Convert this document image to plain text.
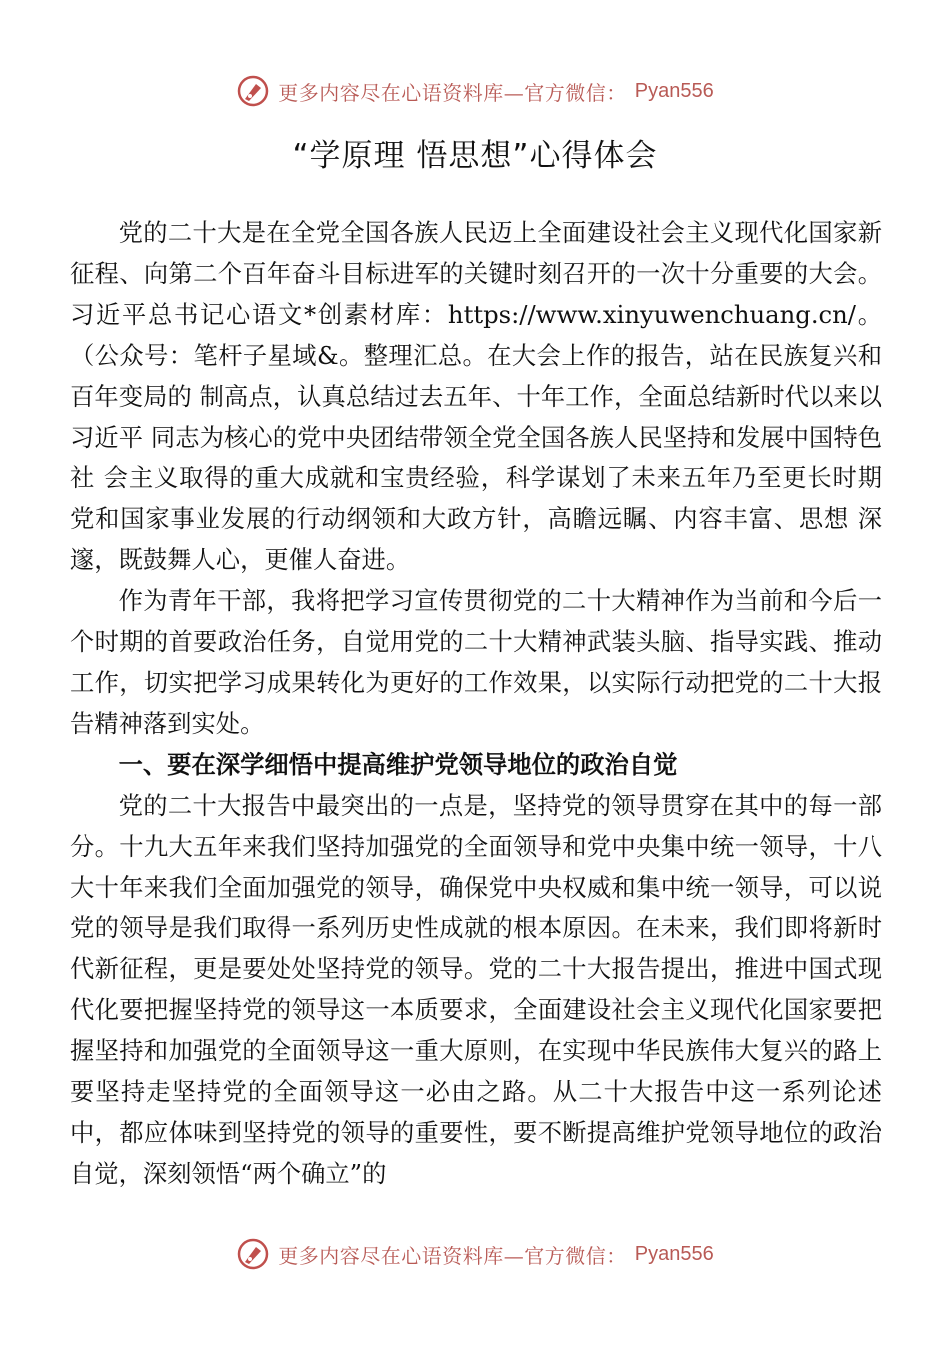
更多内容尽在心语资料库—官方微信： Pyan556
“学原理 悟思想”心得体会

党的二十大是在全党全国各族人民迈上全面建设社会主义现代化国家新征程、向第二个百年奋斗目标进军的关键时刻召开的一次十分重要的大会。习近平总书记心语文*创素材库：https://www.xinyuwenchuang.cn/。（公众号：笔杆子星域&。整理汇总。在大会上作的报告，站在民族复兴和百年变局的 制高点，认真总结过去五年、十年工作，全面总结新时代以来以习近平 同志为核心的党中央团结带领全党全国各族人民坚持和发展中国特色社 会主义取得的重大成就和宝贵经验，科学谋划了未来五年乃至更长时期 党和国家事业发展的行动纲领和大政方针，高瞻远瞩、内容丰富、思想 深邃，既鼓舞人心，更催人奋进。

作为青年干部，我将把学习宣传贯彻党的二十大精神作为当前和今后一个时期的首要政治任务，自觉用党的二十大精神武装头脑、指导实践、推动工作，切实把学习成果转化为更好的工作效果，以实际行动把党的二十大报告精神落到实处。

一、要在深学细悟中提高维护党领导地位的政治自觉

党的二十大报告中最突出的一点是，坚持党的领导贯穿在其中的每一部分。十九大五年来我们坚持加强党的全面领导和党中央集中统一领导，十八大十年来我们全面加强党的领导，确保党中央权威和集中统一领导，可以说党的领导是我们取得一系列历史性成就的根本原因。在未来，我们即将新时代新征程，更是要处处坚持党的领导。党的二十大报告提出，推进中国式现代化要把握坚持党的领导这一本质要求，全面建设社会主义现代化国家要把握坚持和加强党的全面领导这一重大原则，在实现中华民族伟大复兴的路上要坚持走坚持党的全面领导这一必由之路。从二十大报告中这一系列论述中，都应体味到坚持党的领导的重要性，要不断提高维护党领导地位的政治自觉，深刻领悟“两个确立”的

更多内容尽在心语资料库—官方微信： Pyan556
